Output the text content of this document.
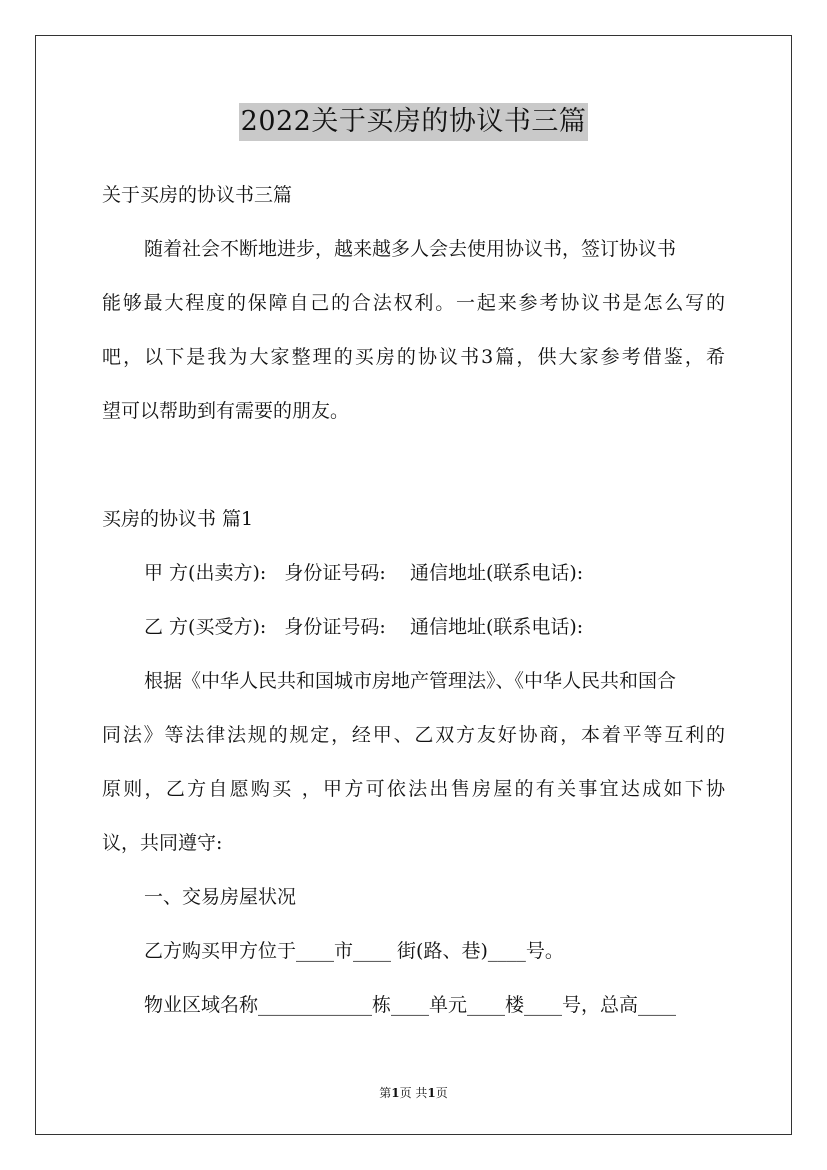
2022关于买房的协议书三篇
关于买房的协议书三篇
随着社会不断地进步，越来越多人会去使用协议书，签订协议书
能够最大程度的保障自己的合法权利。一起来参考协议书是怎么写的
吧，以下是我为大家整理的买房的协议书3篇，供大家参考借鉴，希
望可以帮助到有需要的朋友。
买房的协议书 篇1
甲 方(出卖方):   身份证号码:    通信地址(联系电话):
乙 方(买受方):   身份证号码:    通信地址(联系电话):
根据《中华人民共和国城市房地产管理法》、《中华人民共和国合
同法》等法律法规的规定，经甲、乙双方友好协商，本着平等互利的
原则，乙方自愿购买 ，甲方可依法出售房屋的有关事宜达成如下协
议，共同遵守:
一、交易房屋状况
乙方购买甲方位于____市____ 街(路、巷)____号。
物业区域名称____________栋____单元____楼____号，总高____
第1页 共1页
